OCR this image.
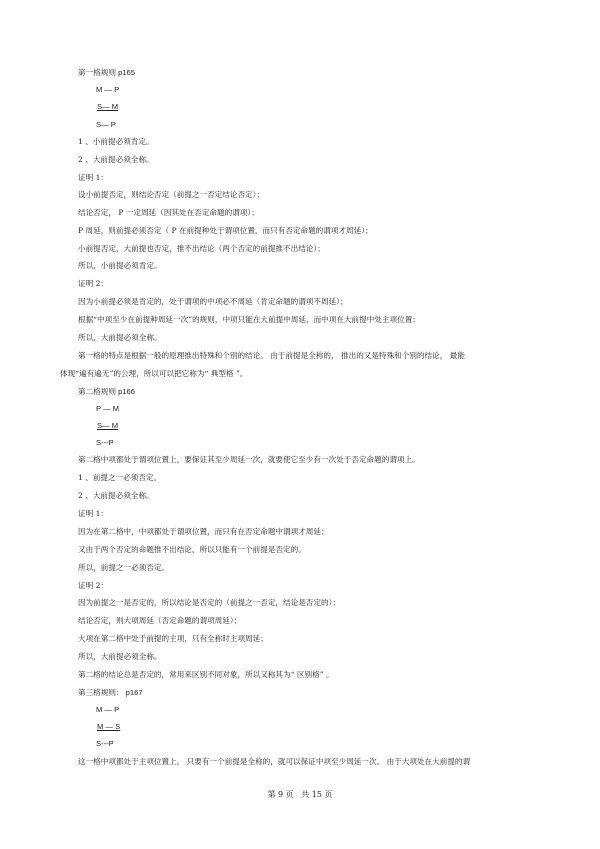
第一格规则 p165
M — P
S— M
S— P
1 、小前提必须肯定。
2 、大前提必须全称。
证明 1：
设小前提否定，则结论否定（前提之一否定结论否定）；
结论否定， P 一定周延（因其处在否定命题的谓项）；
P 周延，则前提必须否定（ P 在前提种处于谓项位置，而只有否定命题的谓项才周延）；
小前提否定，大前提也否定，推不出结论（两个否定的前提推不出结论）；
所以，小前提必须肯定。
证明 2：
因为小前提必须是肯定的，处于谓项的中项必不周延（肯定命题的谓项不周延）；
根据“中项至少在前提种周延一次”的规则，中项只能在大前提中周延，而中项在大前提中处主项位置；
所以，大前提必须全称。
第一格的特点是根据一般的原理推出特殊和个别的结论。 由于前提是全称的， 推出的又是特殊和个别的结论， 最能
体现“遍有遍无”的公理，所以可以把它称为“ 典型格 ”。
第二格规则 p166
P — M
S— M
S---P
第二格中项都处于谓项位置上，要保证其至少周延一次，就要使它至少有一次处于否定命题的谓项上。
1 、前提之一必须否定。
2 、大前提必须全称。
证明 1：
因为在第二格中，中项都处于谓项位置，而只有在否定命题中谓项才周延；
又由于两个否定的命题推不出结论，所以只能有一个前提是否定的。
所以，前提之一必须否定。
证明 2：
因为前提之一是否定的，所以结论是否定的（前提之一否定，结论是否定的）；
结论否定，则大项周延（否定命题的谓项周延）；
大项在第二格中处于前提的主项，只有全称时主项周延；
所以，大前提必须全称。
第二格的结论总是否定的，常用来区别不同对象，所以又称其为“ 区别格” 。
第三格规则： p167
M — P
M — S
S---P
这一格中项都处于主项位置上， 只要有一个前提是全称的，就可以保证中项至少周延一次。 由于大项处在大前提的谓
第 9 页   共 15 页
